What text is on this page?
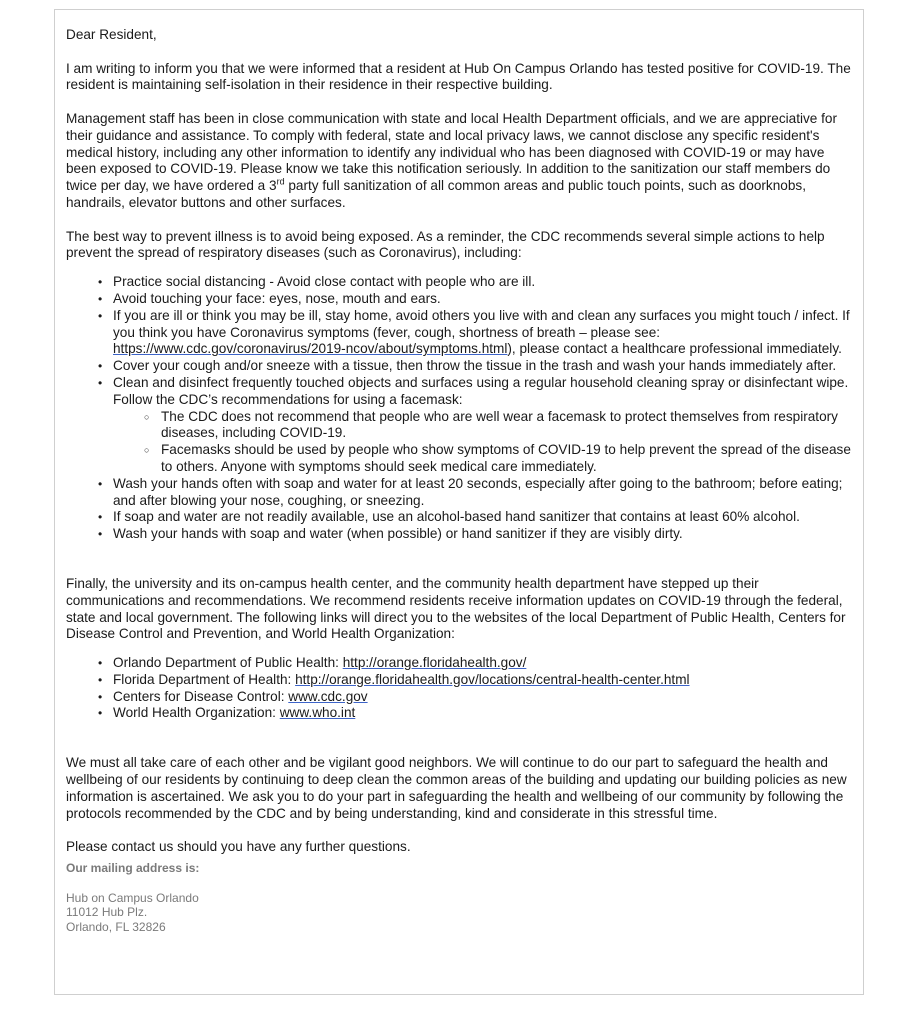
Dear Resident,

I am writing to inform you that we were informed that a resident at Hub On Campus Orlando has tested positive for COVID-19. The resident is maintaining self-isolation in their residence in their respective building.

Management staff has been in close communication with state and local Health Department officials, and we are appreciative for their guidance and assistance. To comply with federal, state and local privacy laws, we cannot disclose any specific resident's medical history, including any other information to identify any individual who has been diagnosed with COVID-19 or may have been exposed to COVID-19. Please know we take this notification seriously. In addition to the sanitization our staff members do twice per day, we have ordered a 3rd party full sanitization of all common areas and public touch points, such as doorknobs, handrails, elevator buttons and other surfaces.

The best way to prevent illness is to avoid being exposed. As a reminder, the CDC recommends several simple actions to help prevent the spread of respiratory diseases (such as Coronavirus), including:

• Practice social distancing - Avoid close contact with people who are ill.
• Avoid touching your face: eyes, nose, mouth and ears.
• If you are ill or think you may be ill, stay home, avoid others you live with and clean any surfaces you might touch / infect. If you think you have Coronavirus symptoms (fever, cough, shortness of breath – please see: https://www.cdc.gov/coronavirus/2019-ncov/about/symptoms.html), please contact a healthcare professional immediately.
• Cover your cough and/or sneeze with a tissue, then throw the tissue in the trash and wash your hands immediately after.
• Clean and disinfect frequently touched objects and surfaces using a regular household cleaning spray or disinfectant wipe. Follow the CDC’s recommendations for using a facemask:
○ The CDC does not recommend that people who are well wear a facemask to protect themselves from respiratory diseases, including COVID-19.
○ Facemasks should be used by people who show symptoms of COVID-19 to help prevent the spread of the disease to others. Anyone with symptoms should seek medical care immediately.
• Wash your hands often with soap and water for at least 20 seconds, especially after going to the bathroom; before eating; and after blowing your nose, coughing, or sneezing.
• If soap and water are not readily available, use an alcohol-based hand sanitizer that contains at least 60% alcohol.
• Wash your hands with soap and water (when possible) or hand sanitizer if they are visibly dirty.

Finally, the university and its on-campus health center, and the community health department have stepped up their communications and recommendations. We recommend residents receive information updates on COVID-19 through the federal, state and local government. The following links will direct you to the websites of the local Department of Public Health, Centers for Disease Control and Prevention, and World Health Organization:

• Orlando Department of Public Health: http://orange.floridahealth.gov/
• Florida Department of Health: http://orange.floridahealth.gov/locations/central-health-center.html
• Centers for Disease Control: www.cdc.gov
• World Health Organization: www.who.int

We must all take care of each other and be vigilant good neighbors. We will continue to do our part to safeguard the health and wellbeing of our residents by continuing to deep clean the common areas of the building and updating our building policies as new information is ascertained. We ask you to do your part in safeguarding the health and wellbeing of our community by following the protocols recommended by the CDC and by being understanding, kind and considerate in this stressful time.

Please contact us should you have any further questions.

Our mailing address is:

Hub on Campus Orlando
11012 Hub Plz.
Orlando, FL 32826
